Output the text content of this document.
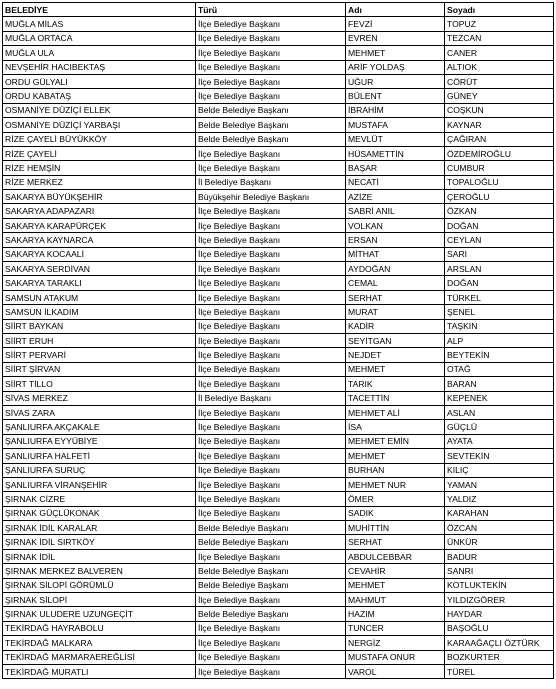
BELEDİYE	Türü	Adı	Soyadı
MUĞLA MİLAS	İlçe Belediye Başkanı	FEVZİ	TOPUZ
MUĞLA ORTACA	İlçe Belediye Başkanı	EVREN	TEZCAN
MUĞLA ULA	İlçe Belediye Başkanı	MEHMET	CANER
NEVŞEHİR HACIBEKTAŞ	İlçe Belediye Başkanı	ARİF YOLDAŞ	ALTIOK
ORDU GÜLYALI	İlçe Belediye Başkanı	UĞUR	CÖRÜT
ORDU KABATAŞ	İlçe Belediye Başkanı	BÜLENT	GÜNEY
OSMANİYE DÜZİÇİ ELLEK	Belde Belediye Başkanı	İBRAHİM	COŞKUN
OSMANİYE DÜZİÇİ YARBAŞI	Belde Belediye Başkanı	MUSTAFA	KAYNAR
RİZE ÇAYELİ BÜYÜKKÖY	Belde Belediye Başkanı	MEVLÜT	ÇAĞIRAN
RİZE ÇAYELİ	İlçe Belediye Başkanı	HÜSAMETTİN	ÖZDEMİROĞLU
RİZE HEMŞİN	İlçe Belediye Başkanı	BAŞAR	CUMBUR
RİZE MERKEZ	İl Belediye Başkanı	NECATİ	TOPALOĞLU
SAKARYA BÜYÜKŞEHİR	Büyükşehir Belediye Başkanı	AZİZE	ÇEROĞLU
SAKARYA ADAPAZARI	İlçe Belediye Başkanı	SABRİ ANIL	ÖZKAN
SAKARYA KARAPÜRÇEK	İlçe Belediye Başkanı	VOLKAN	DOĞAN
SAKARYA KAYNARCA	İlçe Belediye Başkanı	ERSAN	CEYLAN
SAKARYA KOCAALİ	İlçe Belediye Başkanı	MİTHAT	SARI
SAKARYA SERDİVAN	İlçe Belediye Başkanı	AYDOĞAN	ARSLAN
SAKARYA TARAKLI	İlçe Belediye Başkanı	CEMAL	DOĞAN
SAMSUN ATAKUM	İlçe Belediye Başkanı	SERHAT	TÜRKEL
SAMSUN İLKADIM	İlçe Belediye Başkanı	MURAT	ŞENEL
SİİRT BAYKAN	İlçe Belediye Başkanı	KADİR	TAŞKIN
SİİRT ERUH	İlçe Belediye Başkanı	SEYİTGAN	ALP
SİİRT PERVARİ	İlçe Belediye Başkanı	NEJDET	BEYTEKİN
SİİRT ŞİRVAN	İlçe Belediye Başkanı	MEHMET	OTAĞ
SİİRT TİLLO	İlçe Belediye Başkanı	TARIK	BARAN
SİVAS MERKEZ	İl Belediye Başkanı	TACETTİN	KEPENEK
SİVAS ZARA	İlçe Belediye Başkanı	MEHMET ALİ	ASLAN
ŞANLIURFA AKÇAKALE	İlçe Belediye Başkanı	İSA	GÜÇLÜ
ŞANLIURFA EYYÜBİYE	İlçe Belediye Başkanı	MEHMET EMİN	AYATA
ŞANLIURFA HALFETİ	İlçe Belediye Başkanı	MEHMET	SEVTEKİN
ŞANLIURFA SURUÇ	İlçe Belediye Başkanı	BURHAN	KILIÇ
ŞANLIURFA VİRANŞEHİR	İlçe Belediye Başkanı	MEHMET NUR	YAMAN
ŞIRNAK CİZRE	İlçe Belediye Başkanı	ÖMER	YALDIZ
ŞIRNAK GÜÇLÜKONAK	İlçe Belediye Başkanı	SADIK	KARAHAN
ŞIRNAK İDİL KARALAR	Belde Belediye Başkanı	MUHİTTİN	ÖZCAN
ŞIRNAK İDİL SIRTKÖY	Belde Belediye Başkanı	SERHAT	ÜNKÜR
ŞIRNAK İDİL	İlçe Belediye Başkanı	ABDULCEBBAR	BADUR
ŞIRNAK MERKEZ BALVEREN	Belde Belediye Başkanı	CEVAHİR	SANRI
ŞIRNAK SİLOPİ GÖRÜMLÜ	Belde Belediye Başkanı	MEHMET	KOTLUKTEKİN
ŞIRNAK SİLOPİ	İlçe Belediye Başkanı	MAHMUT	YILDIZGÖRER
ŞIRNAK ULUDERE UZUNGEÇİT	Belde Belediye Başkanı	HAZIM	HAYDAR
TEKİRDAĞ HAYRABOLU	İlçe Belediye Başkanı	TUNCER	BAŞOĞLU
TEKİRDAĞ MALKARA	İlçe Belediye Başkanı	NERGİZ	KARAAĞAÇLI ÖZTÜRK
TEKİRDAĞ MARMARAEREĞLİSİ	İlçe Belediye Başkanı	MUSTAFA ONUR	BOZKURTER
TEKİRDAĞ MURATLI	İlçe Belediye Başkanı	VAROL	TÜREL
